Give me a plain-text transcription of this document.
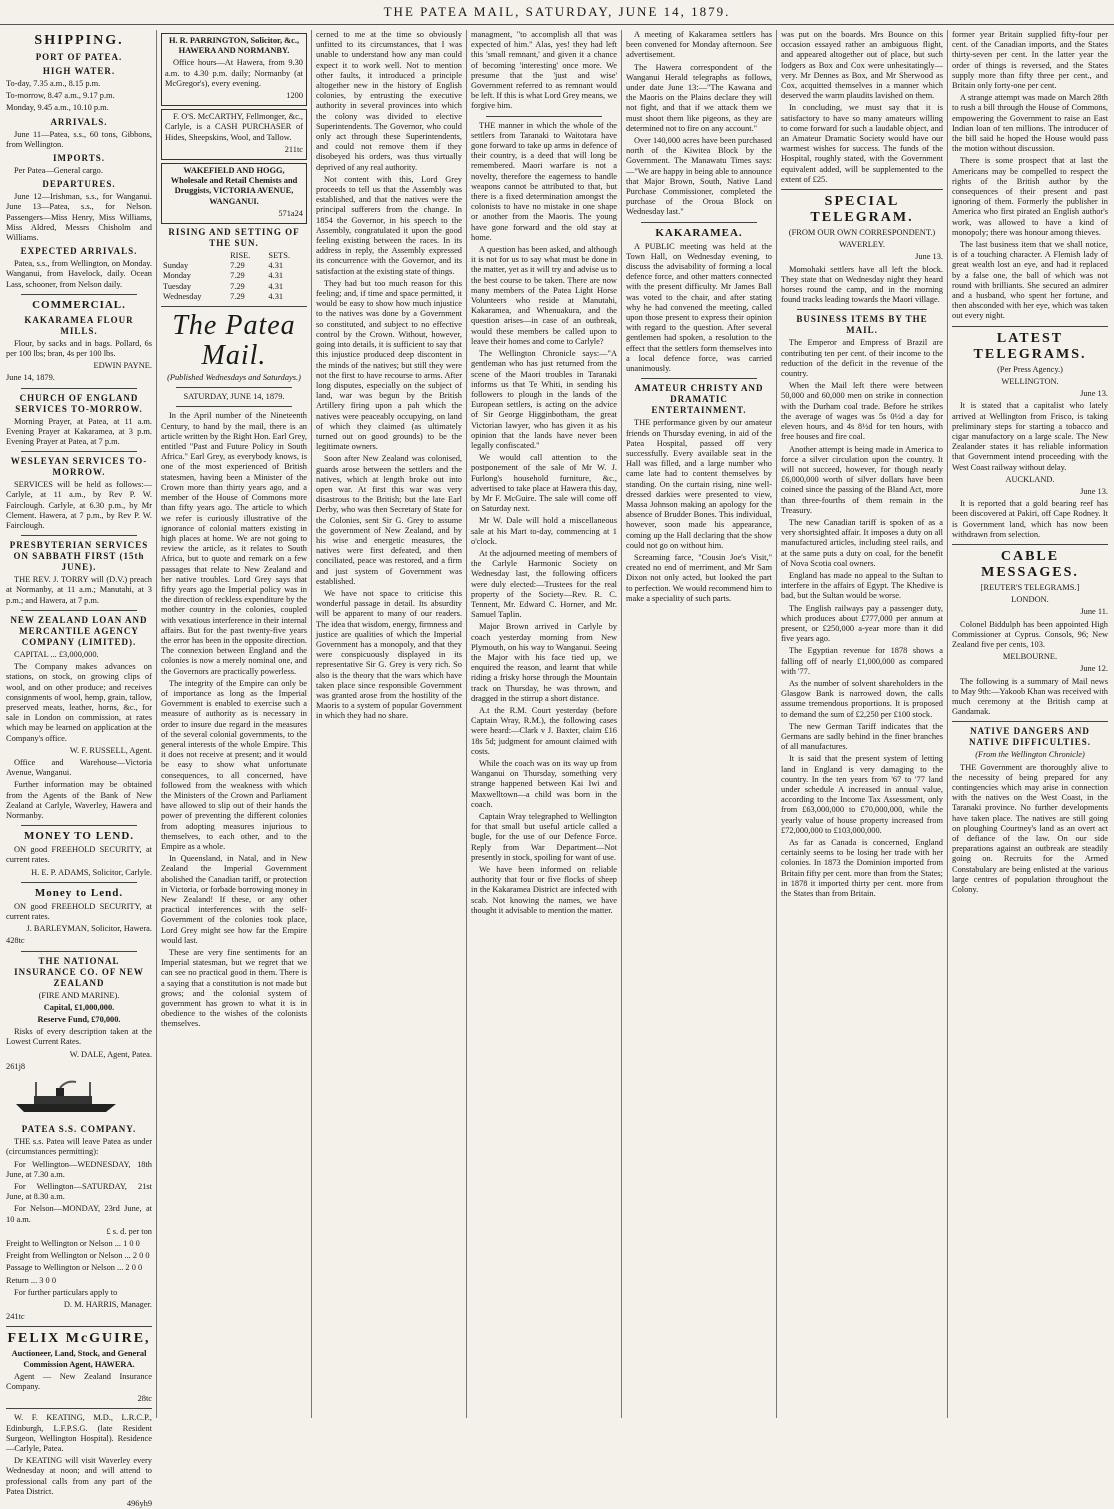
THE PATEA MAIL, SATURDAY, JUNE 14, 1879.
SHIPPING.
PORT OF PATEA.
HIGH WATER.
To-day, 7.35 a.m., 8.15 p.m.
To-morrow, 8.47 a.m., 9.17 p.m.
Monday, 9.45 a.m., 10.10 p.m.
ARRIVALS.
June 11—Patea, s.s., 60 tons, Gibbons, from Wellington.
IMPORTS.
Per Patea—General cargo.
DEPARTURES.
June 12—Irishman, s.s., for Wanganui. June 13—Patea, s.s., for Nelson. Passengers—Miss Henry, Miss Williams, Miss Aldred, Messrs Chisholm and Williams.
EXPECTED ARRIVALS.
Patea, s.s., from Wellington, on Monday. Wanganui, from Havelock, daily. Ocean Lass, schooner, from Nelson daily.
COMMERCIAL.
KAKARAMEA FLOUR MILLS.
Flour, by sacks and in bags. Pollard, 6s per 100 lbs; bran, 4s per 100 lbs.
EDWIN PAYNE.
June 14, 1879.
CHURCH OF ENGLAND SERVICES TO-MORROW.
Morning Prayer, at Patea, at 11 a.m. Evening Prayer at Kakaramea, at 3 p.m. Evening Prayer at Patea, at 7 p.m.
WESLEYAN SERVICES TO-MORROW.
SERVICES will be held as follows:— Carlyle, at 11 a.m., by Rev P. W. Fairclough. Carlyle, at 6.30 p.m., by Mr Clement. Hawera, at 7 p.m., by Rev P. W. Fairclough.
PRESBYTERIAN SERVICES ON SABBATH FIRST (15th JUNE).
THE REV. J. TORRY will (D.V.) preach at Normanby, at 11 a.m.; Manutahi, at 3 p.m.; and Hawera, at 7 p.m.
NEW ZEALAND LOAN AND MERCANTILE AGENCY COMPANY (LIMITED).
CAPITAL ... £3,000,000.
The Company makes advances on stations, on stock, on growing clips of wool, and on other produce; and receives consignments of wool, hemp, grain, tallow, preserved meats, leather, horns, &c., for sale in London on commission, at rates which may be learned on application at the Company's office.
W. F. RUSSELL, Agent.
Office and Warehouse—Victoria Avenue, Wanganui.
Further information may be obtained from the Agents of the Bank of New Zealand at Carlyle, Waverley, Hawera and Normanby.
MONEY TO LEND.
ON good FREEHOLD SECURITY, at current rates.
H. E. P. ADAMS, Solicitor, Carlyle.
Money to Lend.
ON good FREEHOLD SECURITY, at current rates.
J. BARLEYMAN, Solicitor, Hawera.
428tc
THE NATIONAL INSURANCE CO. OF NEW ZEALAND
(FIRE AND MARINE).
Capital, £1,000,000.
Reserve Fund, £70,000.
Risks of every description taken at the Lowest Current Rates.
W. DALE, Agent, Patea.
261j8
PATEA S.S. COMPANY.
THE s.s. Patea will leave Patea as under (circumstances permitting):
For Wellington—WEDNESDAY, 18th June, at 7.30 a.m.
For Wellington—SATURDAY, 21st June, at 8.30 a.m.
For Nelson—MONDAY, 23rd June, at 10 a.m.
£ s. d. per ton
Freight to Wellington or Nelson ... 1 0 0
Freight from Wellington or Nelson ... 2 0 0
Passage to Wellington or Nelson ... 2 0 0
Return ... 3 0 0
For further particulars apply to
D. M. HARRIS, Manager.
241tc
FELIX McGUIRE,
Auctioneer, Land, Stock, and General Commission Agent, HAWERA.
Agent — New Zealand Insurance Company.
28tc
W. F. KEATING, M.D., L.R.C.P., Edinburgh, L.F.P.S.G. (late Resident Surgeon, Wellington Hospital). Residence—Carlyle, Patea.
Dr KEATING will visit Waverley every Wednesday at noon; and will attend to professional calls from any part of the Patea District.
496yh9
H. R. PARRINGTON, Solicitor, &c., HAWERA AND NORMANBY.
Office hours—At Hawera, from 9.30 a.m. to 4.30 p.m. daily; Normanby (at McGregor's), every evening.
1200
F. O'S. McCARTHY, Fellmonger, &c., Carlyle, is a CASH PURCHASER of Hides, Sheepskins, Wool, and Tallow.
211tc
WAKEFIELD AND HOGG, Wholesale and Retail Chemists and Druggists, VICTORIA AVENUE, WANGANUI.
571a24
RISING AND SETTING OF THE SUN.
	RISE.	SETS.
Sunday	7.29	4.31
Monday	7.29	4.31
Tuesday	7.29	4.31
Wednesday	7.29	4.31
The Patea Mail.
(Published Wednesdays and Saturdays.)
SATURDAY, JUNE 14, 1879.
In the April number of the Nineteenth Century, to hand by the mail, there is an article written by the Right Hon. Earl Grey, entitled "Past and Future Policy in South Africa." Earl Grey, as everybody knows, is one of the most experienced of British statesmen, having been a Minister of the Crown more than thirty years ago, and a member of the House of Commons more than fifty years ago. The article to which we refer is curiously illustrative of the ignorance of colonial matters existing in high places at home. We are not going to review the article, as it relates to South Africa, but to quote and remark on a few passages that relate to New Zealand and her native troubles. Lord Grey says that fifty years ago the Imperial policy was in the direction of reckless expenditure by the mother country in the colonies, coupled with vexatious interference in their internal affairs. But for the past twenty-five years the error has been in the opposite direction. The connexion between England and the colonies is now a merely nominal one, and the Governors are practically powerless.
The integrity of the Empire can only be of importance as long as the Imperial Government is enabled to exercise such a measure of authority as is necessary in order to insure due regard in the measures of the several colonial governments, to the general interests of the whole Empire. This it does not receive at present; and it would be easy to show what unfortunate consequences, to all concerned, have followed from the weakness with which the Ministers of the Crown and Parliament have allowed to slip out of their hands the power of preventing the different colonies from adopting measures injurious to themselves, to each other, and to the Empire as a whole.
In Queensland, in Natal, and in New Zealand the Imperial Government abolished the Canadian tariff, or protection in Victoria, or forbade borrowing money in New Zealand! If these, or any other practical interferences with the self-Government of the colonies took place, Lord Grey might see how far the Empire would last.
These are very fine sentiments for an Imperial statesman, but we regret that we can see no practical good in them. There is a saying that a constitution is not made but grows; and the colonial system of government has grown to what it is in obedience to the wishes of the colonists themselves.
cerned to me at the time so obviously unfitted to its circumstances, that I was unable to understand how any man could expect it to work well. Not to mention other faults, it introduced a principle altogether new in the history of English colonies, by entrusting the executive authority in several provinces into which the colony was divided to elective Superintendents. The Governor, who could only act through these Superintendents, and could not remove them if they disobeyed his orders, was thus virtually deprived of any real authority.
Not content with this, Lord Grey proceeds to tell us that the Assembly was established, and that the natives were the principal sufferers from the change. In 1854 the Governor, in his speech to the Assembly, congratulated it upon the good feeling existing between the races. In its address in reply, the Assembly expressed its concurrence with the Governor, and its satisfaction at the existing state of things.
They had but too much reason for this feeling; and, if time and space permitted, it would be easy to show how much injustice to the natives was done by a Government so constituted, and subject to no effective control by the Crown. Without, however, going into details, it is sufficient to say that this injustice produced deep discontent in the minds of the natives; but still they were not the first to have recourse to arms. After long disputes, especially on the subject of land, war was begun by the British Artillery firing upon a pah which the natives were peaceably occupying, on land of which they claimed (as ultimately turned out on good grounds) to be the legitimate owners.
Soon after New Zealand was colonised, guards arose between the settlers and the natives, which at length broke out into open war. At first this war was very disastrous to the British; but the late Earl Derby, who was then Secretary of State for the Colonies, sent Sir G. Grey to assume the government of New Zealand, and by his wise and energetic measures, the natives were first defeated, and then conciliated, peace was restored, and a firm and just system of Government was established.
We have not space to criticise this wonderful passage in detail. Its absurdity will be apparent to many of our readers. The idea that wisdom, energy, firmness and justice are qualities of which the Imperial Government has a monopoly, and that they were conspicuously displayed in its representative Sir G. Grey is very rich. So also is the theory that the wars which have taken place since responsible Government was granted arose from the hostility of the Maoris to a system of popular Government in which they had no share.
managment, "to accomplish all that was expected of him." Alas, yes! they had left this 'small remnant,' and given it a chance of becoming 'interesting' once more. We presume that the 'just and wise' Government referred to as remnant would be left. If this is what Lord Grey means, we forgive him.
THE manner in which the whole of the settlers from Taranaki to Waitotara have gone forward to take up arms in defence of their country, is a deed that will long be remembered. Maori warfare is not a novelty, therefore the eagerness to handle weapons cannot be attributed to that, but there is a fixed determination amongst the colonists to have no mistake in one shape or another from the Maoris. The young have gone forward and the old stay at home.
A question has been asked, and although it is not for us to say what must be done in the matter, yet as it will try and advise us to the best course to be taken. There are now many members of the Patea Light Horse Volunteers who reside at Manutahi, Kakaramea, and Whenuakura, and the question arises—in case of an outbreak, would these members be called upon to leave their homes and come to Carlyle?
The Wellington Chronicle says:—"A gentleman who has just returned from the scene of the Maori troubles in Taranaki informs us that Te Whiti, in sending his followers to plough in the lands of the European settlers, is acting on the advice of Sir George Higginbotham, the great Victorian lawyer, who has given it as his opinion that the lands have never been legally confiscated."
We would call attention to the postponement of the sale of Mr W. J. Furlong's household furniture, &c., advertised to take place at Hawera this day, by Mr F. McGuire. The sale will come off on Saturday next.
Mr W. Dale will hold a miscellaneous sale at his Mart to-day, commencing at 1 o'clock.
At the adjourned meeting of members of the Carlyle Harmonic Society on Wednesday last, the following officers were duly elected:—Trustees for the real property of the Society—Rev. R. C. Tennent, Mr. Edward C. Horner, and Mr. Samuel Taplin.
Major Brown arrived in Carlyle by coach yesterday morning from New Plymouth, on his way to Wanganui. Seeing the Major with his face tied up, we enquired the reason, and learnt that while riding a frisky horse through the Mountain track on Thursday, he was thrown, and dragged in the stirrup a short distance.
A.t the R.M. Court yesterday (before Captain Wray, R.M.), the following cases were heard:—Clark v J. Baxter, claim £16 18s 5d; judgment for amount claimed with costs.
While the coach was on its way up from Wanganui on Thursday, something very strange happened between Kai Iwi and Maxwelltown—a child was born in the coach.
Captain Wray telegraphed to Wellington for that small but useful article called a bugle, for the use of our Defence Force. Reply from War Department—Not presently in stock, spoiling for want of use.
We have been informed on reliable authority that four or five flocks of sheep in the Kakaramea District are infected with scab. Not knowing the names, we have thought it advisable to mention the matter.
A meeting of Kakaramea settlers has been convened for Monday afternoon. See advertisement.
The Hawera correspondent of the Wanganui Herald telegraphs as follows, under date June 13:—"The Kawana and the Maoris on the Plains declare they will not fight, and that if we attack them we must shoot them like pigeons, as they are determined not to fire on any account."
Over 140,000 acres have been purchased north of the Kiwitea Block by the Government. The Manawatu Times says:—"We are happy in being able to announce that Major Brown, South, Native Land Purchase Commissioner, completed the purchase of the Oroua Block on Wednesday last."
KAKARAMEA.
A PUBLIC meeting was held at the Town Hall, on Wednesday evening, to discuss the advisability of forming a local defence force, and other matters connected with the present difficulty. Mr James Ball was voted to the chair, and after stating why he had convened the meeting, called upon those present to express their opinion with regard to the question. After several gentlemen had spoken, a resolution to the effect that the settlers form themselves into a local defence force, was carried unanimously.
AMATEUR CHRISTY AND DRAMATIC ENTERTAINMENT.
THE performance given by our amateur friends on Thursday evening, in aid of the Patea Hospital, passed off very successfully. Every available seat in the Hall was filled, and a large number who came late had to content themselves by standing. On the curtain rising, nine well-dressed darkies were presented to view, Massa Johnson making an apology for the absence of Brudder Bones. This individual, however, soon made his appearance, coming up the Hall declaring that the show could not go on without him.
Screaming farce, "Cousin Joe's Visit," created no end of merriment, and Mr Sam Dixon not only acted, but looked the part to perfection. We would recommend him to make a speciality of such parts.
was put on the boards. Mrs Bounce on this occasion essayed rather an ambiguous flight, and appeared altogether out of place, but such lodgers as Box and Cox were unhesitatingly—very. Mr Dennes as Box, and Mr Sherwood as Cox, acquitted themselves in a manner which deserved the warm plaudits lavished on them.
In concluding, we must say that it is satisfactory to have so many amateurs willing to come forward for such a laudable object, and an Amateur Dramatic Society would have our warmest wishes for success. The funds of the Hospital, roughly stated, with the Government equivalent added, will be supplemented to the extent of £25.
SPECIAL TELEGRAM.
(FROM OUR OWN CORRESPONDENT.)
WAVERLEY.
June 13.
Momohaki settlers have all left the block. They state that on Wednesday night they heard horses round the camp, and in the morning found tracks leading towards the Maori village.
BUSINESS ITEMS BY THE MAIL.
The Emperor and Empress of Brazil are contributing ten per cent. of their income to the reduction of the deficit in the revenue of the country.
When the Mail left there were between 50,000 and 60,000 men on strike in connection with the Durham coal trade. Before he strikes the average of wages was 5s 0½d a day for eleven hours, and 4s 8½d for ten hours, with free houses and fire coal.
Another attempt is being made in America to force a silver circulation upon the country. It will not succeed, however, for though nearly £6,000,000 worth of silver dollars have been coined since the passing of the Bland Act, more than three-fourths of them remain in the Treasury.
The new Canadian tariff is spoken of as a very shortsighted affair. It imposes a duty on all manufactured articles, including steel rails, and at the same puts a duty on coal, for the benefit of Nova Scotia coal owners.
England has made no appeal to the Sultan to interfere in the affairs of Egypt. The Khedive is bad, but the Sultan would be worse.
The English railways pay a passenger duty, which produces about £777,000 per annum at present, or £250,000 a-year more than it did five years ago.
The Egyptian revenue for 1878 shows a falling off of nearly £1,000,000 as compared with '77.
As the number of solvent shareholders in the Glasgow Bank is narrowed down, the calls assume tremendous proportions. It is proposed to demand the sum of £2,250 per £100 stock.
The new German Tariff indicates that the Germans are sadly behind in the finer branches of all manufactures.
It is said that the present system of letting land in England is very damaging to the country. In the ten years from '67 to '77 land under schedule A increased in annual value, according to the Income Tax Assessment, only from £63,000,000 to £70,000,000, while the yearly value of house property increased from £72,000,000 to £103,000,000.
As far as Canada is concerned, England certainly seems to be losing her trade with her colonies. In 1873 the Dominion imported from Britain fifty per cent. more than from the States; in 1878 it imported thirty per cent. more from the States than from Britain.
former year Britain supplied fifty-four per cent. of the Canadian imports, and the States thirty-seven per cent. In the latter year the order of things is reversed, and the States supply more than fifty three per cent., and Britain only forty-one per cent.
A strange attempt was made on March 28th to rush a bill through the House of Commons, empowering the Government to raise an East Indian loan of ten millions. The introducer of the bill said he hoped the House would pass the motion without discussion.
There is some prospect that at last the Americans may be compelled to respect the rights of the British author by the consequences of their present and past ignoring of them. Formerly the publisher in America who first pirated an English author's work, was allowed to have a kind of monopoly; there was honour among thieves.
The last business item that we shall notice, is of a touching character. A Flemish lady of great wealth lost an eye, and had it replaced by a false one, the ball of which was not round with brilliants. She secured an admirer and a husband, who spent her fortune, and then absconded with her eye, which was taken out every night.
LATEST TELEGRAMS.
(Per Press Agency.)
WELLINGTON.
June 13.
It is stated that a capitalist who lately arrived at Wellington from Frisco, is taking preliminary steps for starting a tobacco and cigar manufactory on a large scale. The New Zealander states it has reliable information that Government intend proceeding with the West Coast railway without delay.
AUCKLAND.
June 13.
It is reported that a gold bearing reef has been discovered at Pakiri, off Cape Rodney. It is Government land, which has now been withdrawn from selection.
CABLE MESSAGES.
[REUTER'S TELEGRAMS.]
LONDON.
June 11.
Colonel Biddulph has been appointed High Commissioner at Cyprus. Consols, 96; New Zealand five per cents, 103.
MELBOURNE.
June 12.
The following is a summary of Mail news to May 9th:—Yakoob Khan was received with much ceremony at the British camp at Gandamak.
NATIVE DANGERS AND NATIVE DIFFICULTIES.
(From the Wellington Chronicle)
THE Government are thoroughly alive to the necessity of being prepared for any contingencies which may arise in connection with the natives on the West Coast, in the Taranaki province. No further developments have taken place. The natives are still going on ploughing Courtney's land as an overt act of defiance of the law. On our side preparations against an outbreak are steadily going on. Recruits for the Armed Constabulary are being enlisted at the various large centres of population throughout the Colony.
